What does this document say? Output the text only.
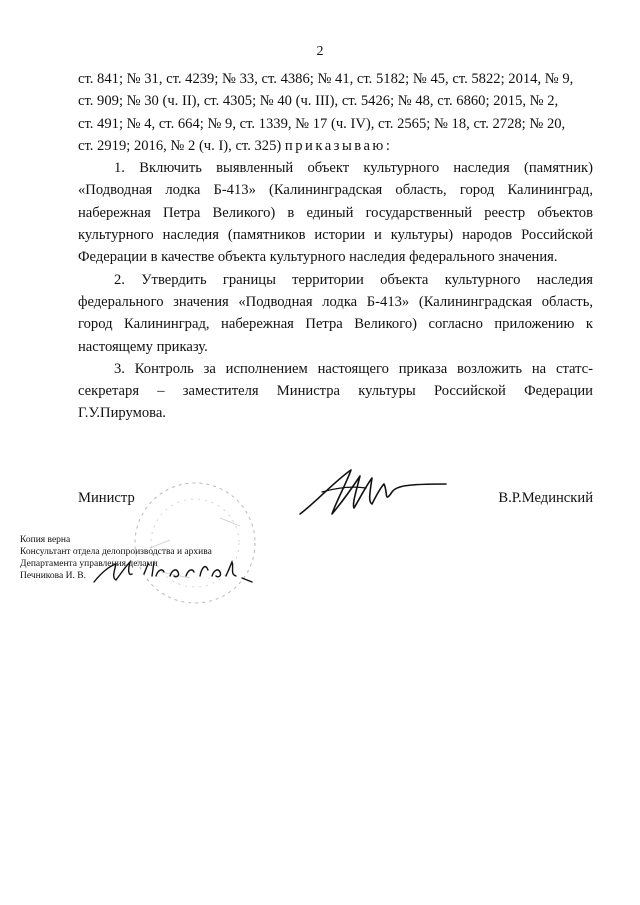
2

ст. 841; № 31, ст. 4239; № 33, ст. 4386; № 41, ст. 5182; № 45, ст. 5822; 2014, № 9,

ст. 909; № 30 (ч. II), ст. 4305; № 40 (ч. III), ст. 5426; № 48, ст. 6860; 2015, № 2,

ст. 491; № 4, ст. 664; № 9, ст. 1339, № 17 (ч. IV), ст. 2565; № 18, ст. 2728; № 20,

ст. 2919; 2016, № 2 (ч. I), ст. 325) приказываю:

1. Включить выявленный объект культурного наследия (памятник) «Подводная лодка Б-413» (Калининградская область, город Калининград, набережная Петра Великого) в единый государственный реестр объектов культурного наследия (памятников истории и культуры) народов Российской Федерации в качестве объекта культурного наследия федерального значения.

2. Утвердить границы территории объекта культурного наследия федерального значения «Подводная лодка Б-413» (Калининградская область, город Калининград, набережная Петра Великого) согласно приложению к настоящему приказу.

3. Контроль за исполнением настоящего приказа возложить на статс-секретаря – заместителя Министра культуры Российской Федерации Г.У.Пирумова.

Министр	В.Р.Мединский
Копия верна
Консультант отдела делопроизводства и архива
Департамента управления делами
Печникова И. В.
